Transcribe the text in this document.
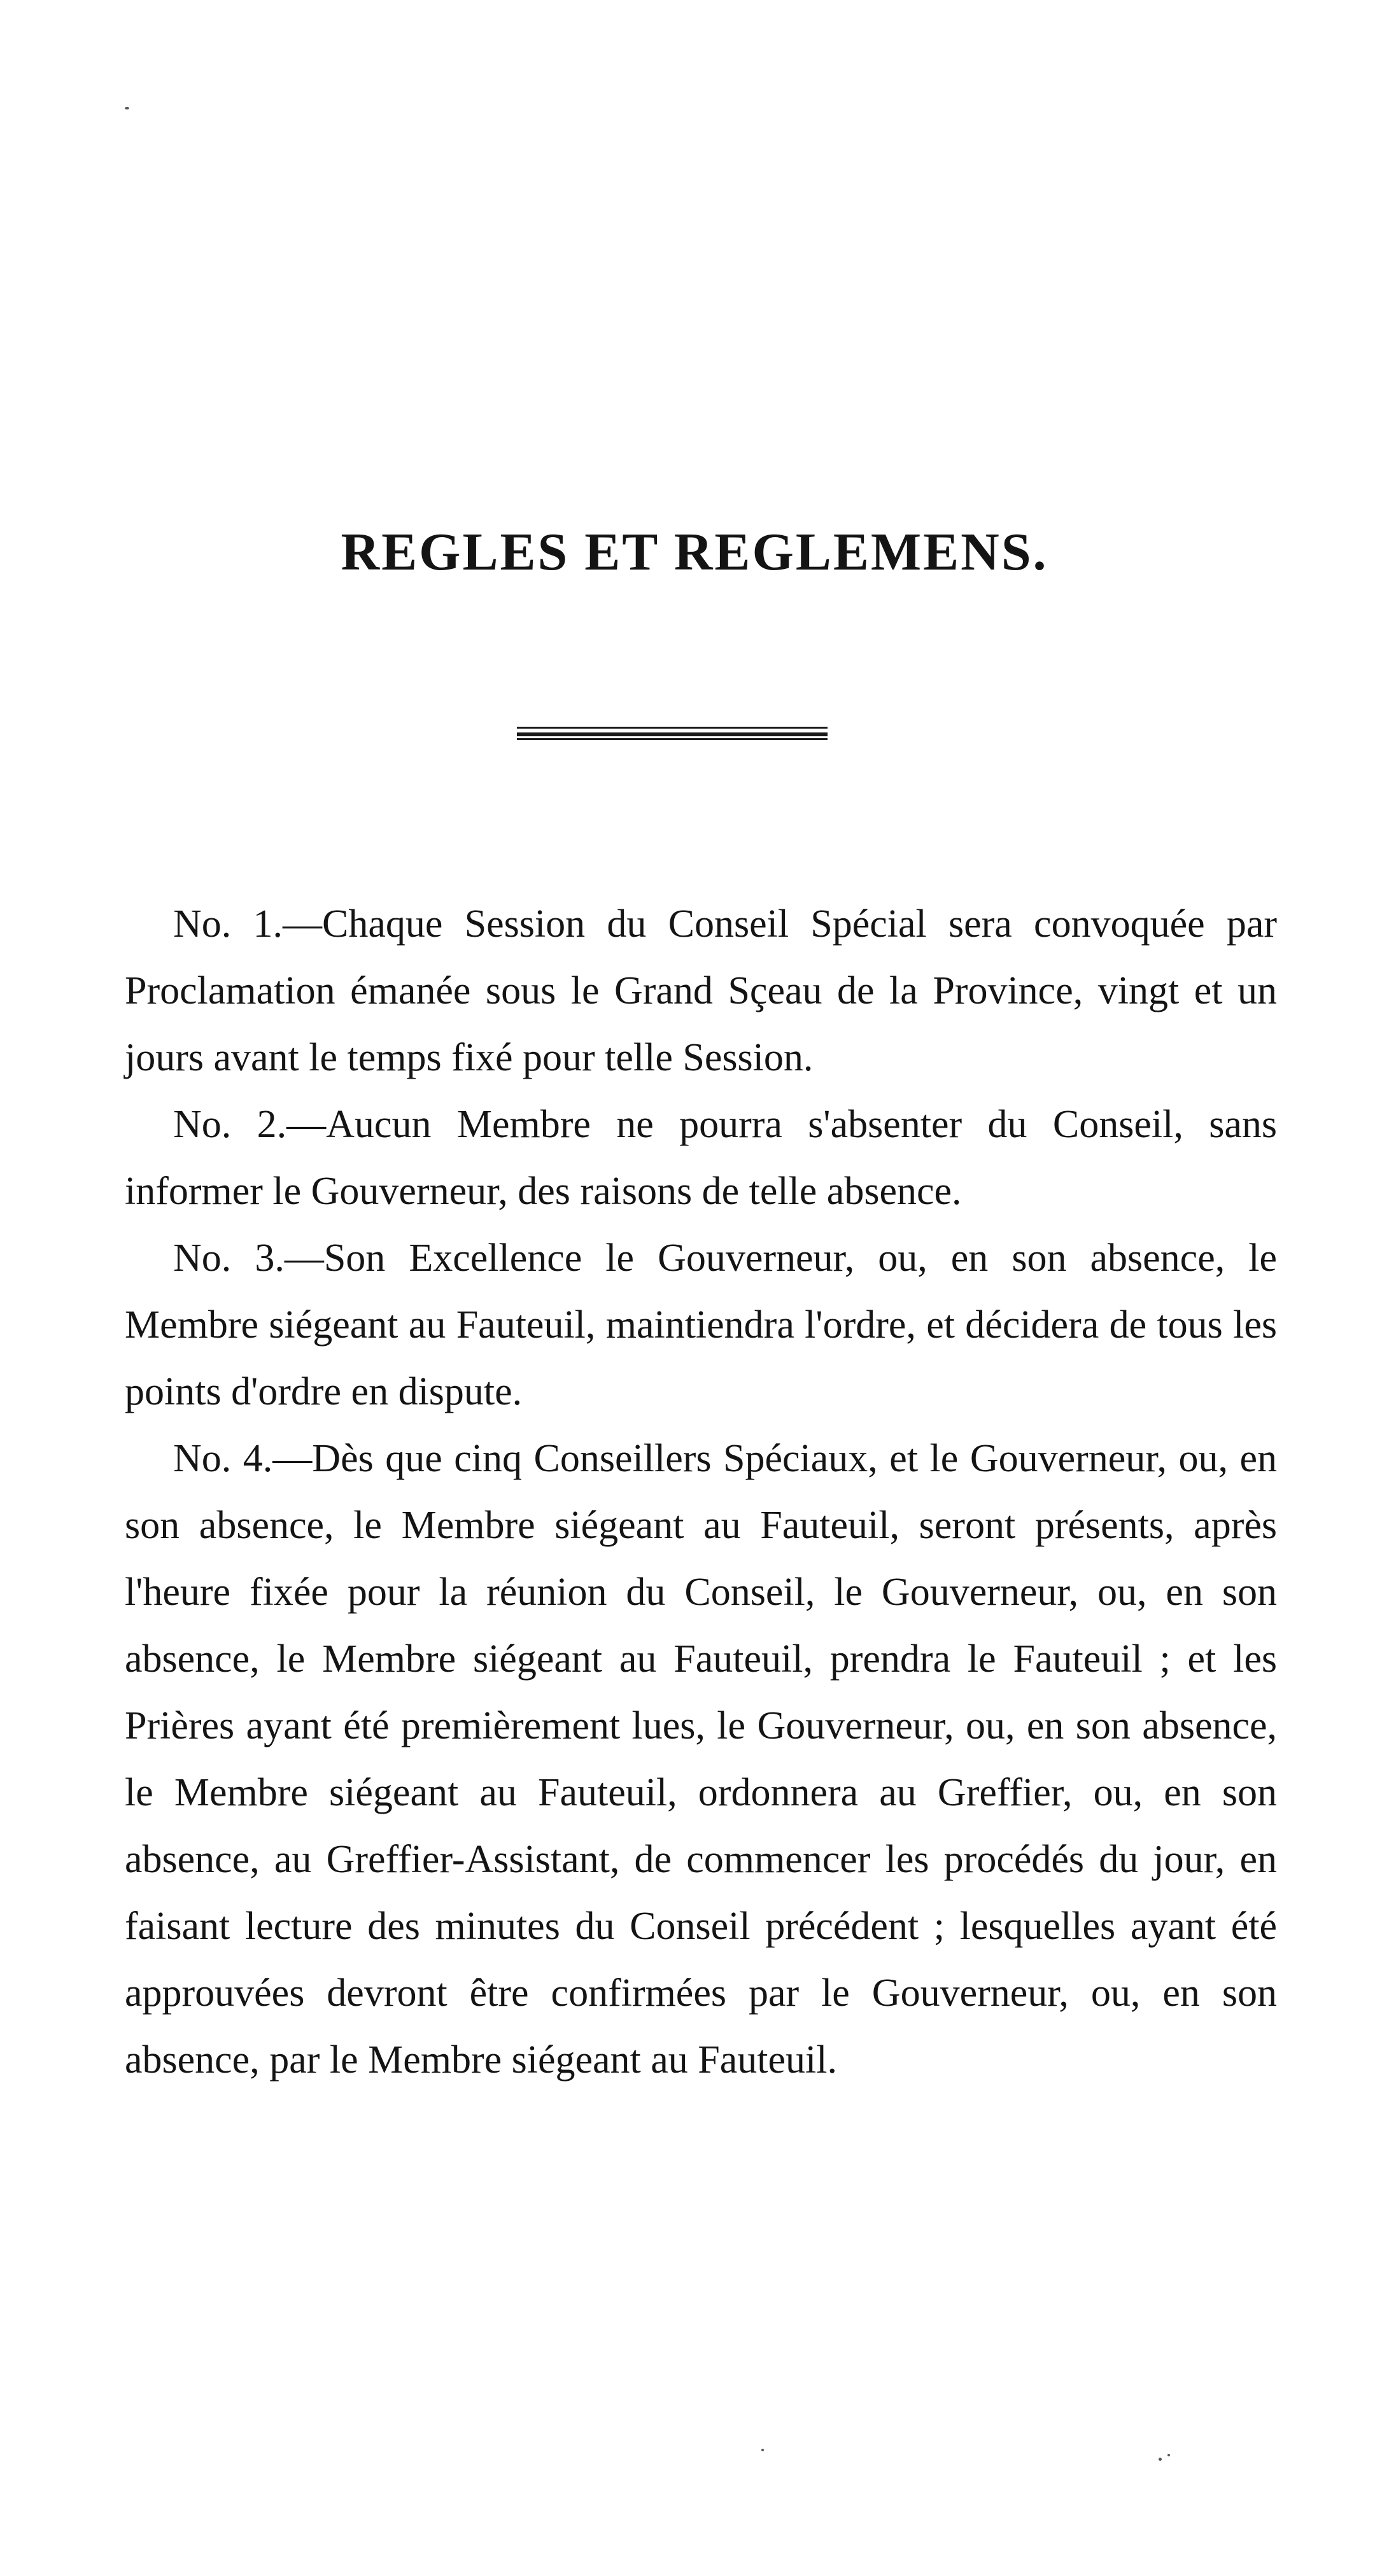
REGLES ET REGLEMENS.

No. 1.—Chaque Session du Conseil Spécial sera convoquée par Proclamation émanée sous le Grand Sçeau de la Province, vingt et un jours avant le temps fixé pour telle Session.

No. 2.—Aucun Membre ne pourra s'absenter du Conseil, sans informer le Gouverneur, des raisons de telle absence.

No. 3.—Son Excellence le Gouverneur, ou, en son absence, le Membre siégeant au Fauteuil, maintiendra l'ordre, et décidera de tous les points d'ordre en dispute.

No. 4.—Dès que cinq Conseillers Spéciaux, et le Gouverneur, ou, en son absence, le Membre siégeant au Fauteuil, seront présents, après l'heure fixée pour la réunion du Conseil, le Gouverneur, ou, en son absence, le Membre siégeant au Fauteuil, prendra le Fauteuil ; et les Prières ayant été premièrement lues, le Gouverneur, ou, en son absence, le Membre siégeant au Fauteuil, ordonnera au Greffier, ou, en son absence, au Greffier-Assistant, de commencer les procédés du jour, en faisant lecture des minutes du Conseil précédent ; lesquelles ayant été approuvées devront être confirmées par le Gouverneur, ou, en son absence, par le Membre siégeant au Fauteuil.
